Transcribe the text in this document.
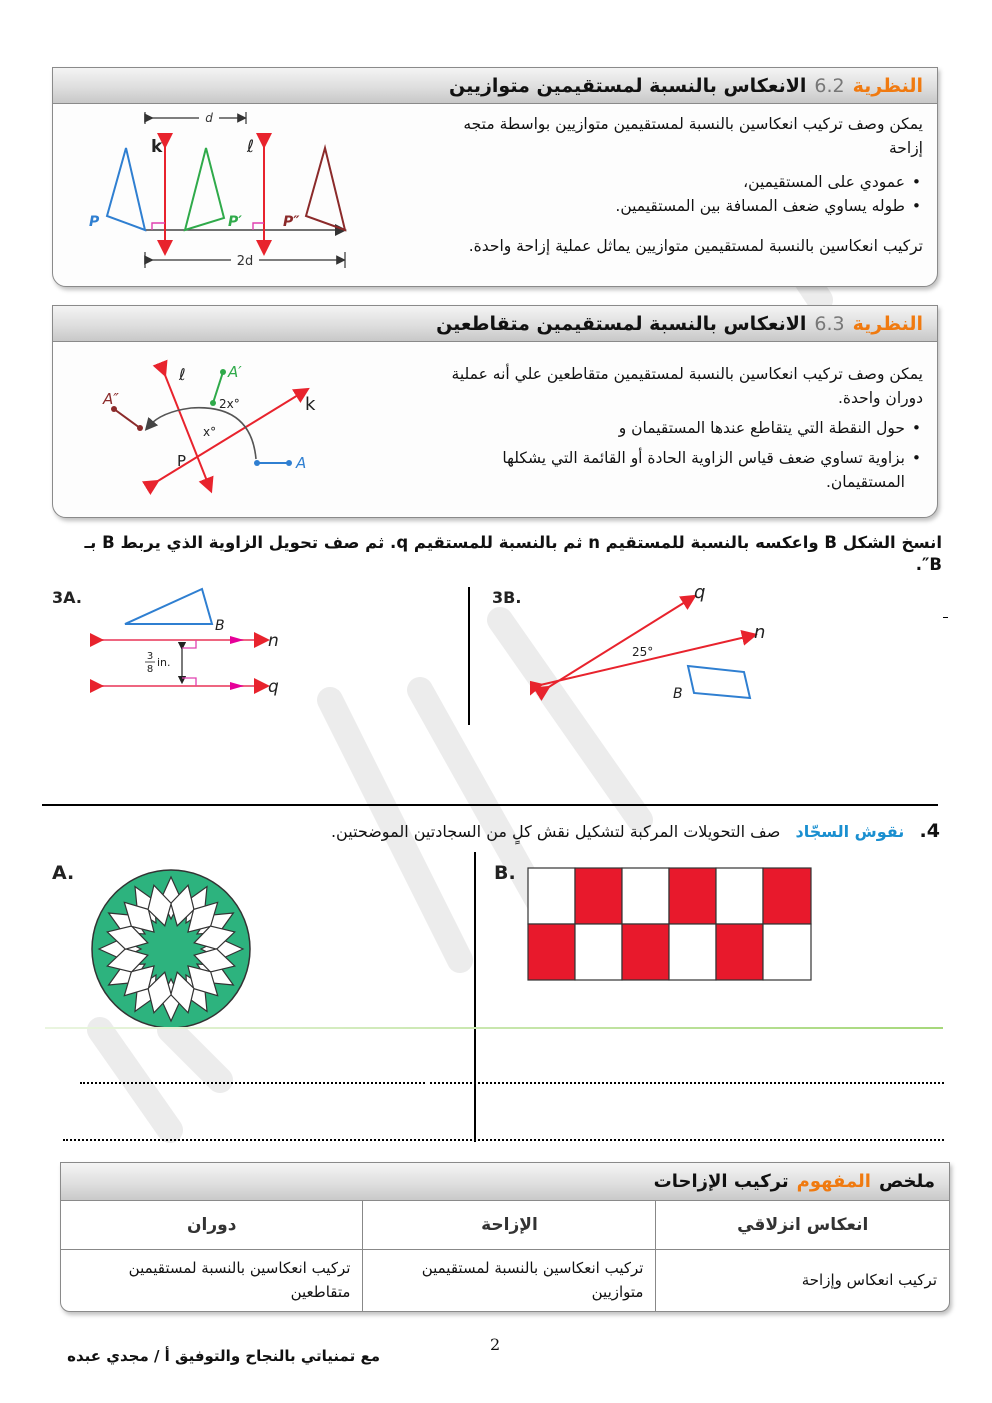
النظرية
6.2
الانعكاس بالنسبة لمستقيمين متوازيين

يمكن وصف تركيب انعكاسين بالنسبة لمستقيمين متوازيين بواسطة متجه إزاحة

• عمودي على المستقيمين،
• طوله يساوي ضعف المسافة بين المستقيمين.

تركيب انعكاسين بالنسبة لمستقيمين متوازيين يماثل عملية إزاحة واحدة.

d
k	ℓ
P	P′	P″
2d
النظرية
6.3
الانعكاس بالنسبة لمستقيمين متقاطعين

يمكن وصف تركيب انعكاسين بالنسبة لمستقيمين متقاطعين علي أنه عملية دوران واحدة.

• حول النقطة التي يتقاطع عندها المستقيمان و
• بزاوية تساوي ضعف قياس الزاوية الحادة أو القائمة التي يشكلها المستقيمان.
ℓ
k
P	A
A′
A″	2x°
x°

انسخ الشكل B واعكسه بالنسبة للمستقيم n ثم بالنسبة للمستقيم q. ثم صف تحويل الزاوية الذي يربط B بـ B″.

3A.
B
n
q
3
8
in.
3B.	q
n
25°
B

4.   نقوش السجّاد   صف التحويلات المركبة لتشكيل نقش كلٍ من السجادتين الموضحتين.

A.	B.
ملخص
المفهوم
تركيب الإزاحات
انعكاس انزلاقي	الإزاحة	دوران
تركيب انعكاس وإزاحة	تركيب انعكاسين بالنسبة لمستقيمين متوازيين	تركيب انعكاسين بالنسبة لمستقيمين متقاطعين
2

مع تمنياتي بالنجاح والتوفيق أ / مجدي عبده
